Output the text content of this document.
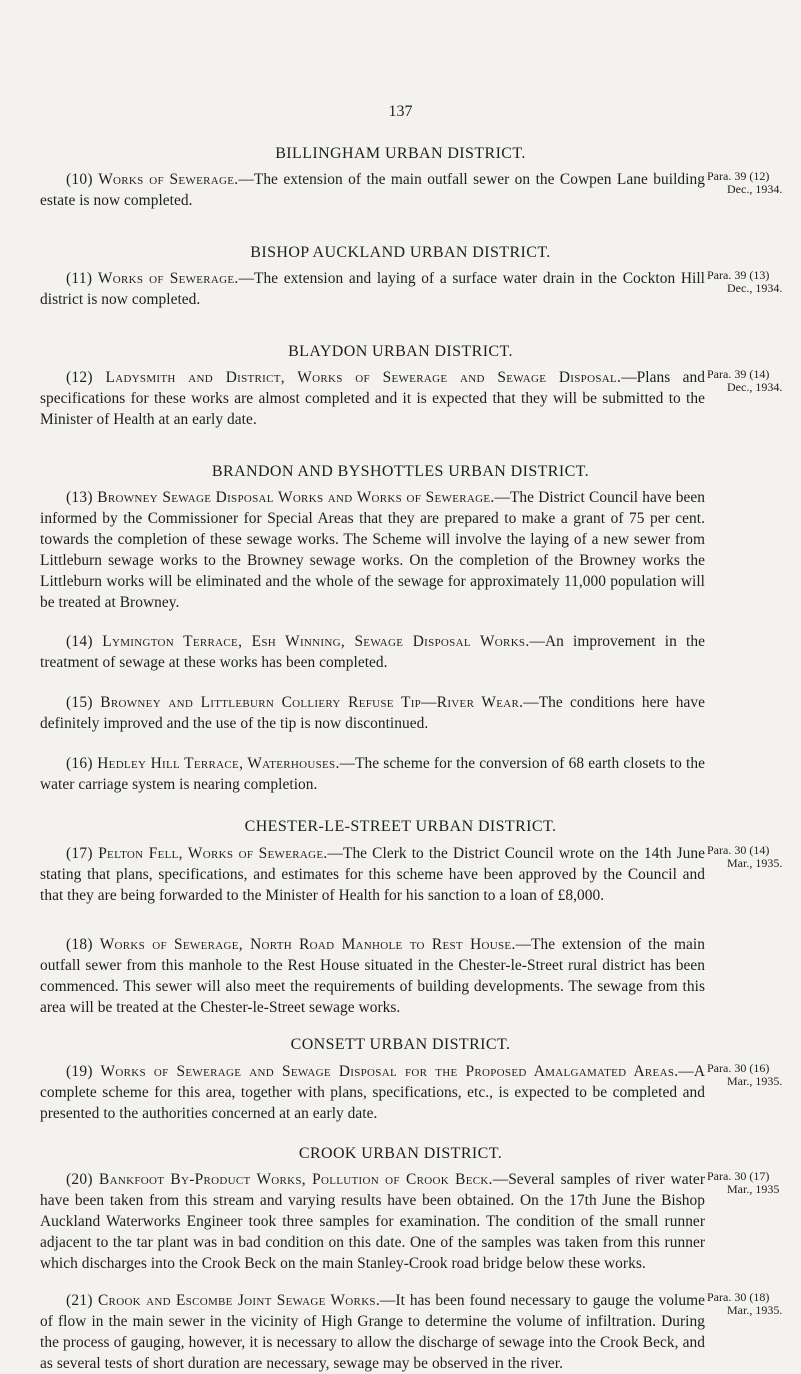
137
BILLINGHAM URBAN DISTRICT.

(10) Works of Sewerage.—The extension of the main outfall sewer on the Cowpen Lane building estate is now completed.

Para. 39 (12)
Dec., 1934.
BISHOP AUCKLAND URBAN DISTRICT.

(11) Works of Sewerage.—The extension and laying of a surface water drain in the Cockton Hill district is now completed.

Para. 39 (13)
Dec., 1934.
BLAYDON URBAN DISTRICT.

(12) Ladysmith and District, Works of Sewerage and Sewage Disposal.—Plans and specifications for these works are almost completed and it is expected that they will be submitted to the Minister of Health at an early date.

Para. 39 (14)
Dec., 1934.
BRANDON AND BYSHOTTLES URBAN DISTRICT.

(13) Browney Sewage Disposal Works and Works of Sewerage.—The District Council have been informed by the Commissioner for Special Areas that they are prepared to make a grant of 75 per cent. towards the completion of these sewage works. The Scheme will involve the laying of a new sewer from Littleburn sewage works to the Browney sewage works. On the completion of the Browney works the Littleburn works will be eliminated and the whole of the sewage for approximately 11,000 population will be treated at Browney.

(14) Lymington Terrace, Esh Winning, Sewage Disposal Works.—An improvement in the treatment of sewage at these works has been completed.

(15) Browney and Littleburn Colliery Refuse Tip—River Wear.—The conditions here have definitely improved and the use of the tip is now discontinued.

(16) Hedley Hill Terrace, Waterhouses.—The scheme for the conversion of 68 earth closets to the water carriage system is nearing completion.

CHESTER-LE-STREET URBAN DISTRICT.

(17) Pelton Fell, Works of Sewerage.—The Clerk to the District Council wrote on the 14th June stating that plans, specifications, and estimates for this scheme have been approved by the Council and that they are being forwarded to the Minister of Health for his sanction to a loan of £8,000.

Para. 30 (14)
Mar., 1935.

(18) Works of Sewerage, North Road Manhole to Rest House.—The extension of the main outfall sewer from this manhole to the Rest House situated in the Chester-le-Street rural district has been commenced. This sewer will also meet the requirements of building developments. The sewage from this area will be treated at the Chester-le-Street sewage works.

CONSETT URBAN DISTRICT.

(19) Works of Sewerage and Sewage Disposal for the Proposed Amalgamated Areas.—A complete scheme for this area, together with plans, specifications, etc., is expected to be completed and presented to the authorities concerned at an early date.

Para. 30 (16)
Mar., 1935.
CROOK URBAN DISTRICT.

(20) Bankfoot By-Product Works, Pollution of Crook Beck.—Several samples of river water have been taken from this stream and varying results have been obtained. On the 17th June the Bishop Auckland Waterworks Engineer took three samples for examination. The condition of the small runner adjacent to the tar plant was in bad condition on this date. One of the samples was taken from this runner which discharges into the Crook Beck on the main Stanley-Crook road bridge below these works.

Para. 30 (17)
Mar., 1935

(21) Crook and Escombe Joint Sewage Works.—It has been found necessary to gauge the volume of flow in the main sewer in the vicinity of High Grange to determine the volume of infiltration. During the process of gauging, however, it is necessary to allow the discharge of sewage into the Crook Beck, and as several tests of short duration are necessary, sewage may be observed in the river.

Para. 30 (18)
Mar., 1935.
